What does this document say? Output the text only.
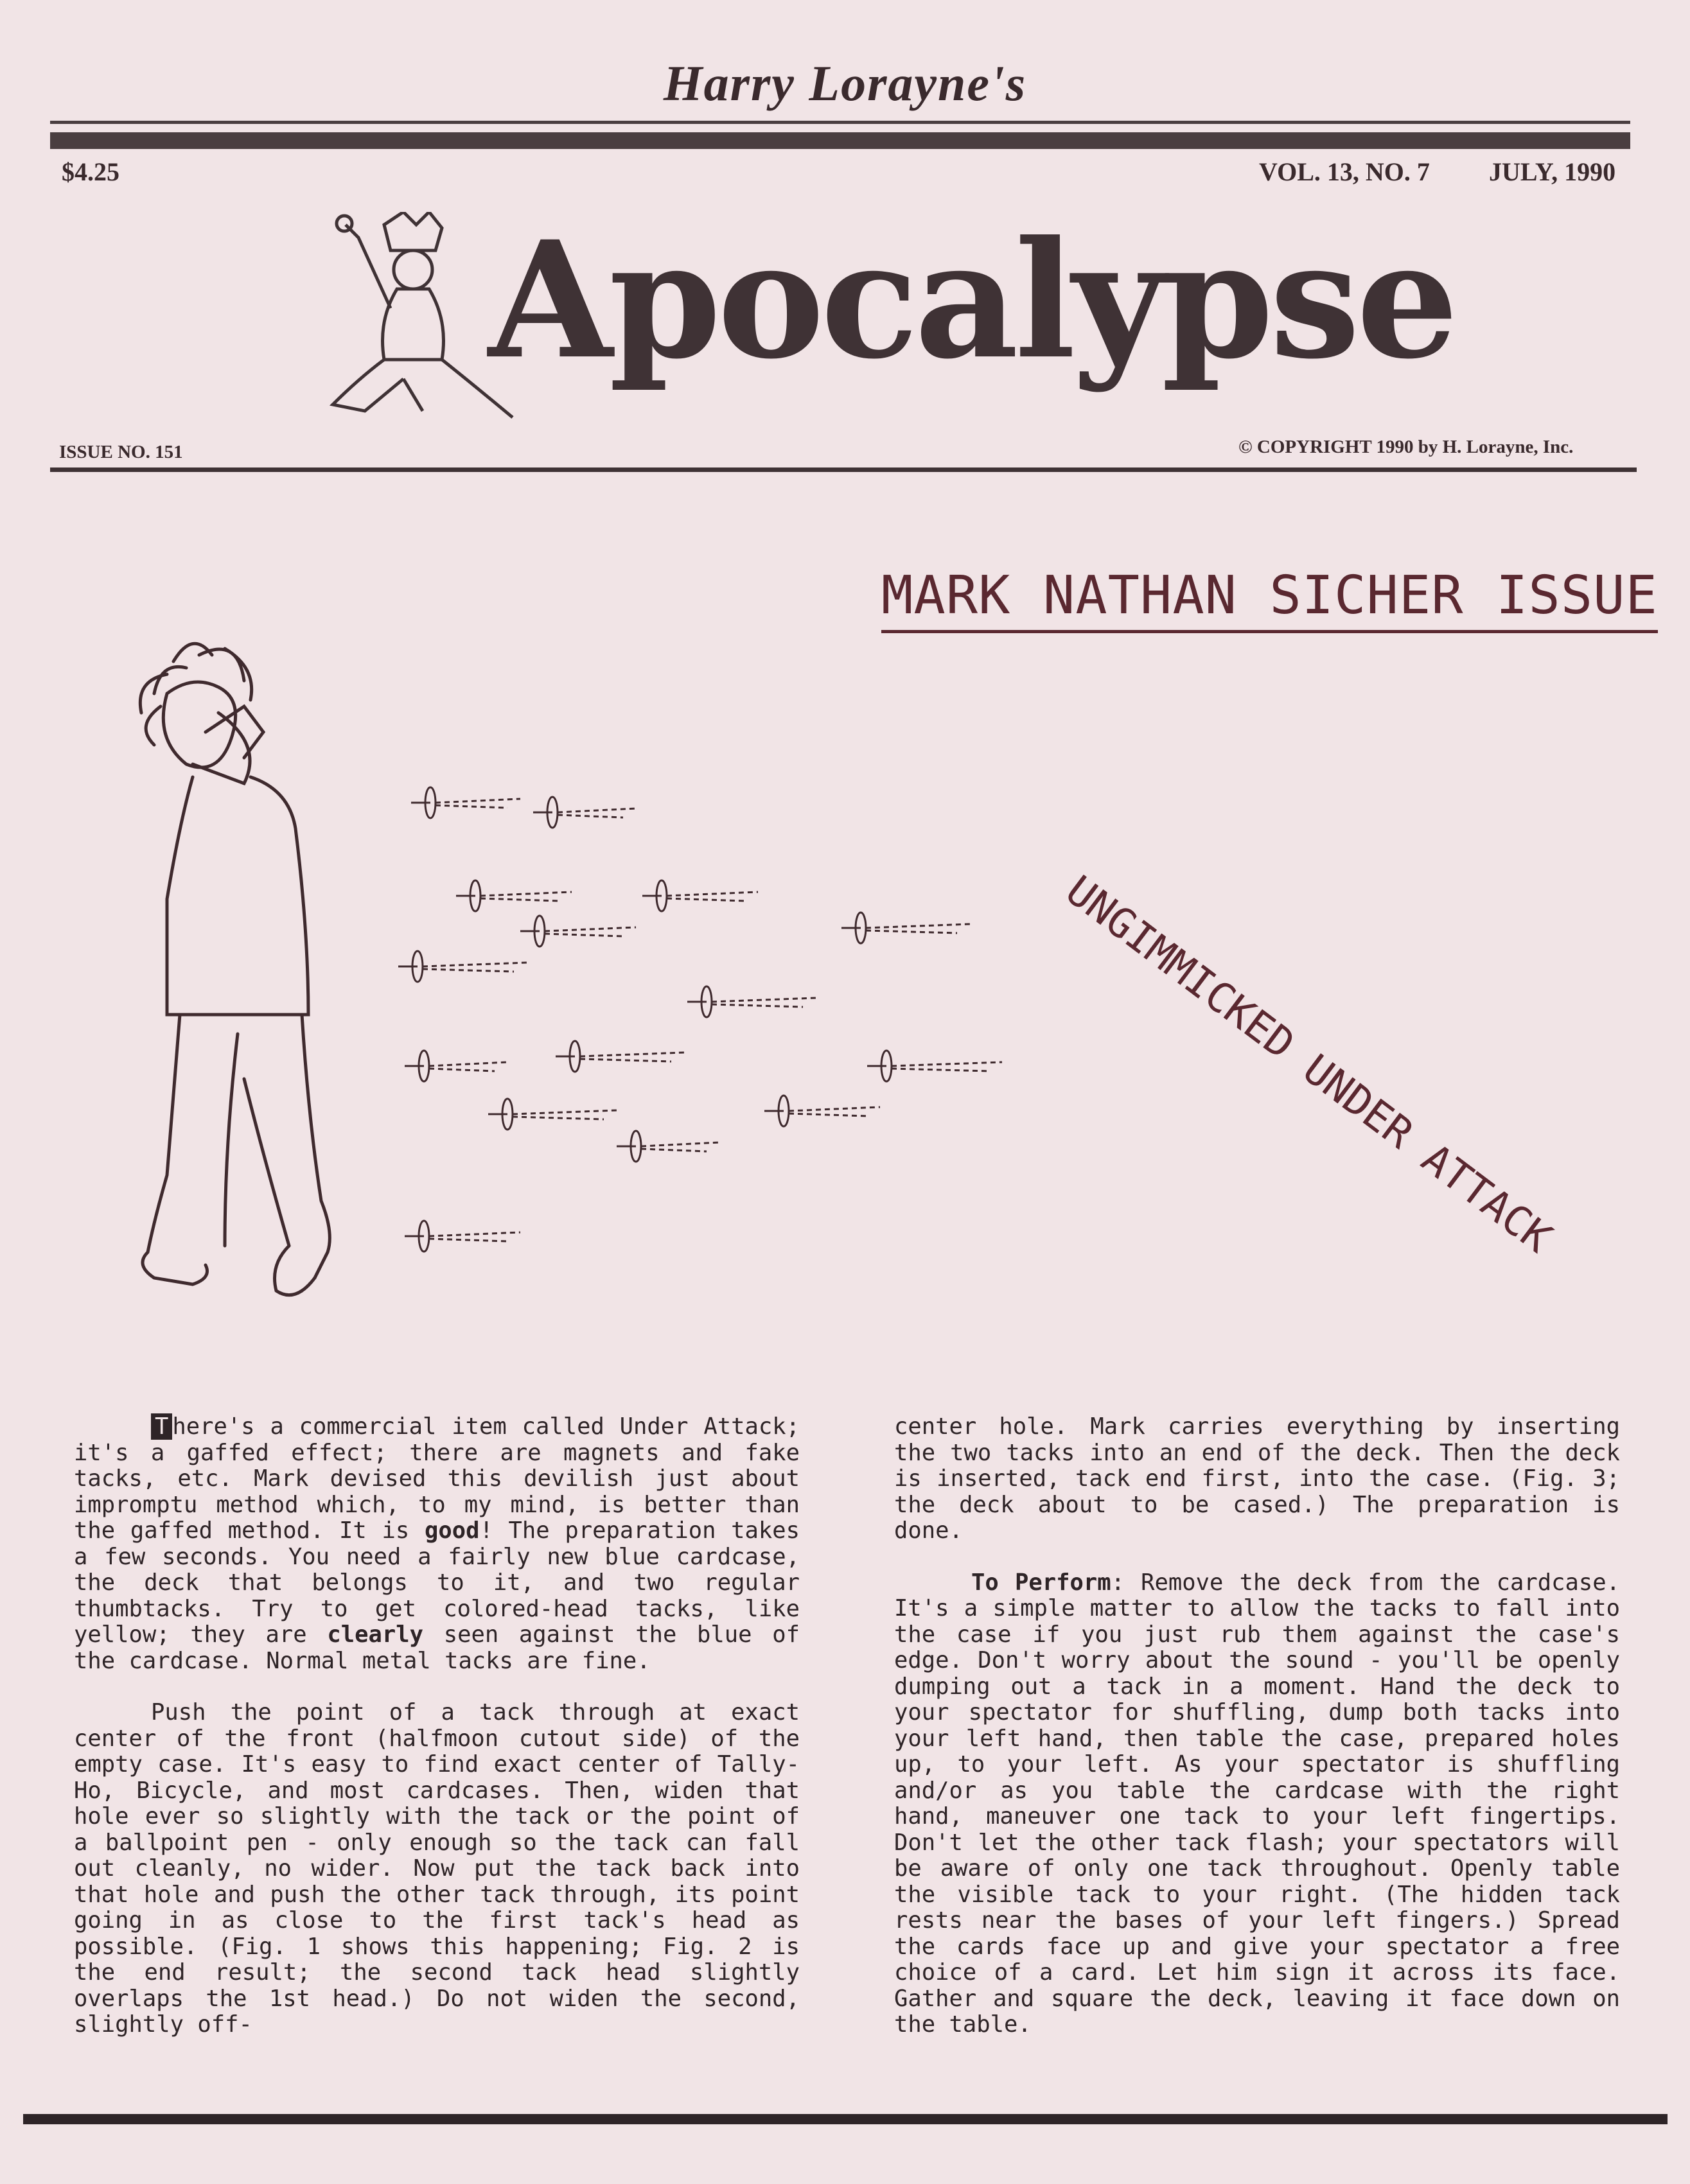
Harry Lorayne's
$4.25	VOL. 13, NO. 7 JULY, 1990
Apocalypse
ISSUE NO. 151	© COPYRIGHT 1990 by H. Lorayne, Inc.
MARK NATHAN SICHER ISSUE
UNGIMMICKED UNDER ATTACK

T here's a commercial item called Under Attack; it's a gaffed effect; there are magnets and fake tacks, etc. Mark devised this devilish just about impromptu method which, to my mind, is better than the gaffed method. It is good! The preparation takes a few seconds. You need a fairly new blue cardcase, the deck that belongs to it, and two regular thumbtacks. Try to get colored-head tacks, like yellow; they are clearly seen against the blue of the cardcase. Normal metal tacks are fine.

Push the point of a tack through at exact center of the front (halfmoon cutout side) of the empty case. It's easy to find exact center of Tally-Ho, Bicycle, and most cardcases. Then, widen that hole ever so slightly with the tack or the point of a ballpoint pen - only enough so the tack can fall out cleanly, no wider. Now put the tack back into that hole and push the other tack through, its point going in as close to the first tack's head as possible. (Fig. 1 shows this happening; Fig. 2 is the end result; the second tack head slightly overlaps the 1st head.) Do not widen the second, slightly off-

center hole. Mark carries everything by inserting the two tacks into an end of the deck. Then the deck is inserted, tack end first, into the case. (Fig. 3; the deck about to be cased.) The preparation is done.

To Perform: Remove the deck from the cardcase. It's a simple matter to allow the tacks to fall into the case if you just rub them against the case's edge. Don't worry about the sound - you'll be openly dumping out a tack in a moment. Hand the deck to your spectator for shuffling, dump both tacks into your left hand, then table the case, prepared holes up, to your left. As your spectator is shuffling and/or as you table the cardcase with the right hand, maneuver one tack to your left fingertips. Don't let the other tack flash; your spectators will be aware of only one tack throughout. Openly table the visible tack to your right. (The hidden tack rests near the bases of your left fingers.) Spread the cards face up and give your spectator a free choice of a card. Let him sign it across its face. Gather and square the deck, leaving it face down on the table.
